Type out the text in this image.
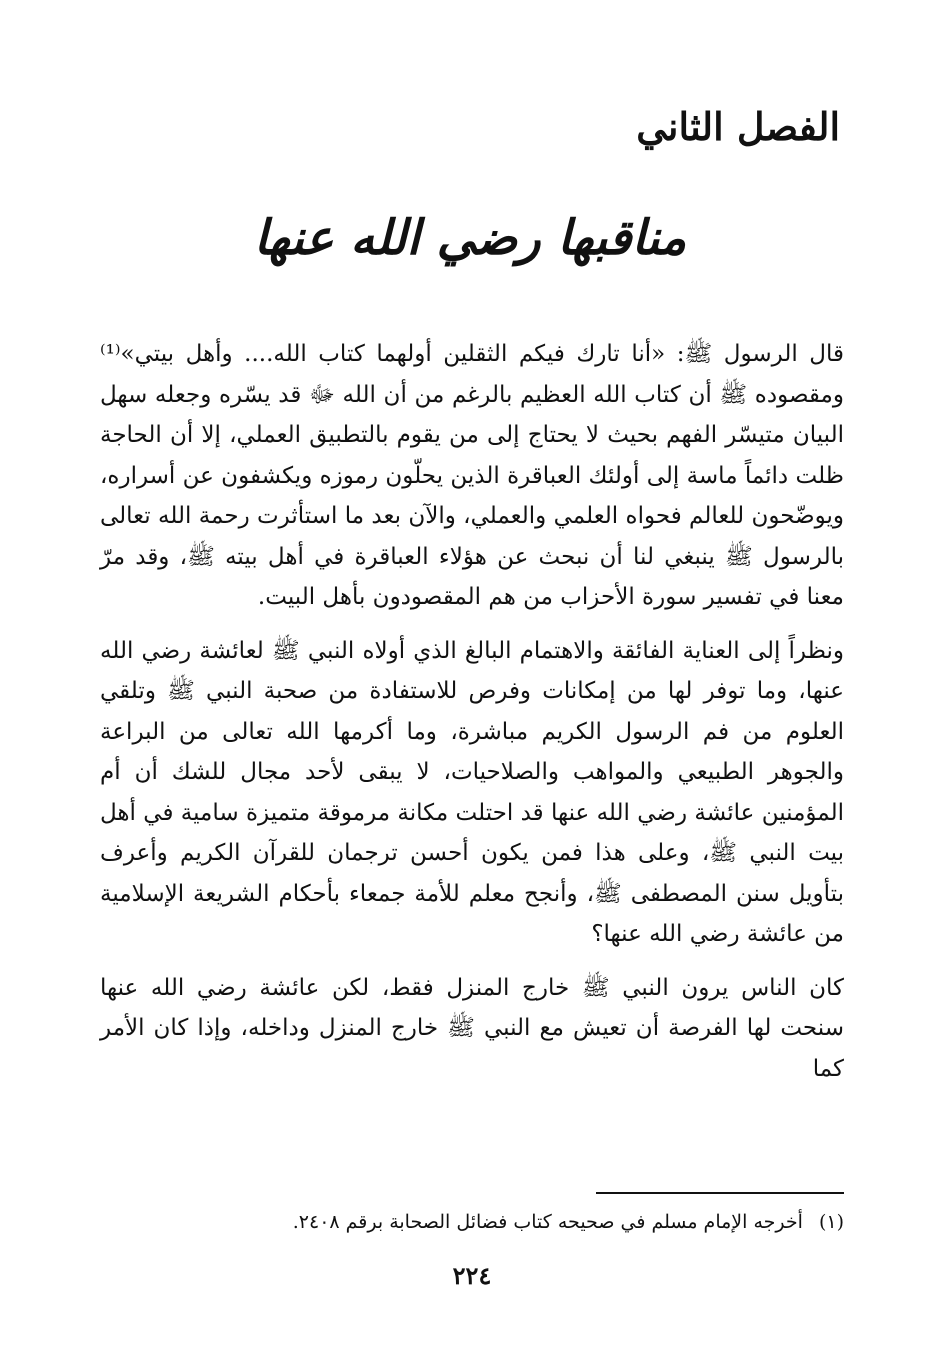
الفصل الثاني
مناقبها رضي الله عنها

قال الرسول ﷺ: «أنا تارك فيكم الثقلين أولهما كتاب الله.... وأهل بيتي»⁽¹⁾ ومقصوده ﷺ أن كتاب الله العظيم بالرغم من أن الله ﷻ قد يسّره وجعله سهل البيان متيسّر الفهم بحيث لا يحتاج إلى من يقوم بالتطبيق العملي، إلا أن الحاجة ظلت دائماً ماسة إلى أولئك العباقرة الذين يحلّون رموزه ويكشفون عن أسراره، ويوضّحون للعالم فحواه العلمي والعملي، والآن بعد ما استأثرت رحمة الله تعالى بالرسول ﷺ ينبغي لنا أن نبحث عن هؤلاء العباقرة في أهل بيته ﷺ، وقد مرّ معنا في تفسير سورة الأحزاب من هم المقصودون بأهل البيت.

ونظراً إلى العناية الفائقة والاهتمام البالغ الذي أولاه النبي ﷺ لعائشة رضي الله عنها، وما توفر لها من إمكانات وفرص للاستفادة من صحبة النبي ﷺ وتلقي العلوم من فم الرسول الكريم مباشرة، وما أكرمها الله تعالى من البراعة والجوهر الطبيعي والمواهب والصلاحيات، لا يبقى لأحد مجال للشك أن أم المؤمنين عائشة رضي الله عنها قد احتلت مكانة مرموقة متميزة سامية في أهل بيت النبي ﷺ، وعلى هذا فمن يكون أحسن ترجمان للقرآن الكريم وأعرف بتأويل سنن المصطفى ﷺ، وأنجح معلم للأمة جمعاء بأحكام الشريعة الإسلامية من عائشة رضي الله عنها؟

كان الناس يرون النبي ﷺ خارج المنزل فقط، لكن عائشة رضي الله عنها سنحت لها الفرصة أن تعيش مع النبي ﷺ خارج المنزل وداخله، وإذا كان الأمر كما

(١) أخرجه الإمام مسلم في صحيحه كتاب فضائل الصحابة برقم ٢٤٠٨.
٢٢٤
